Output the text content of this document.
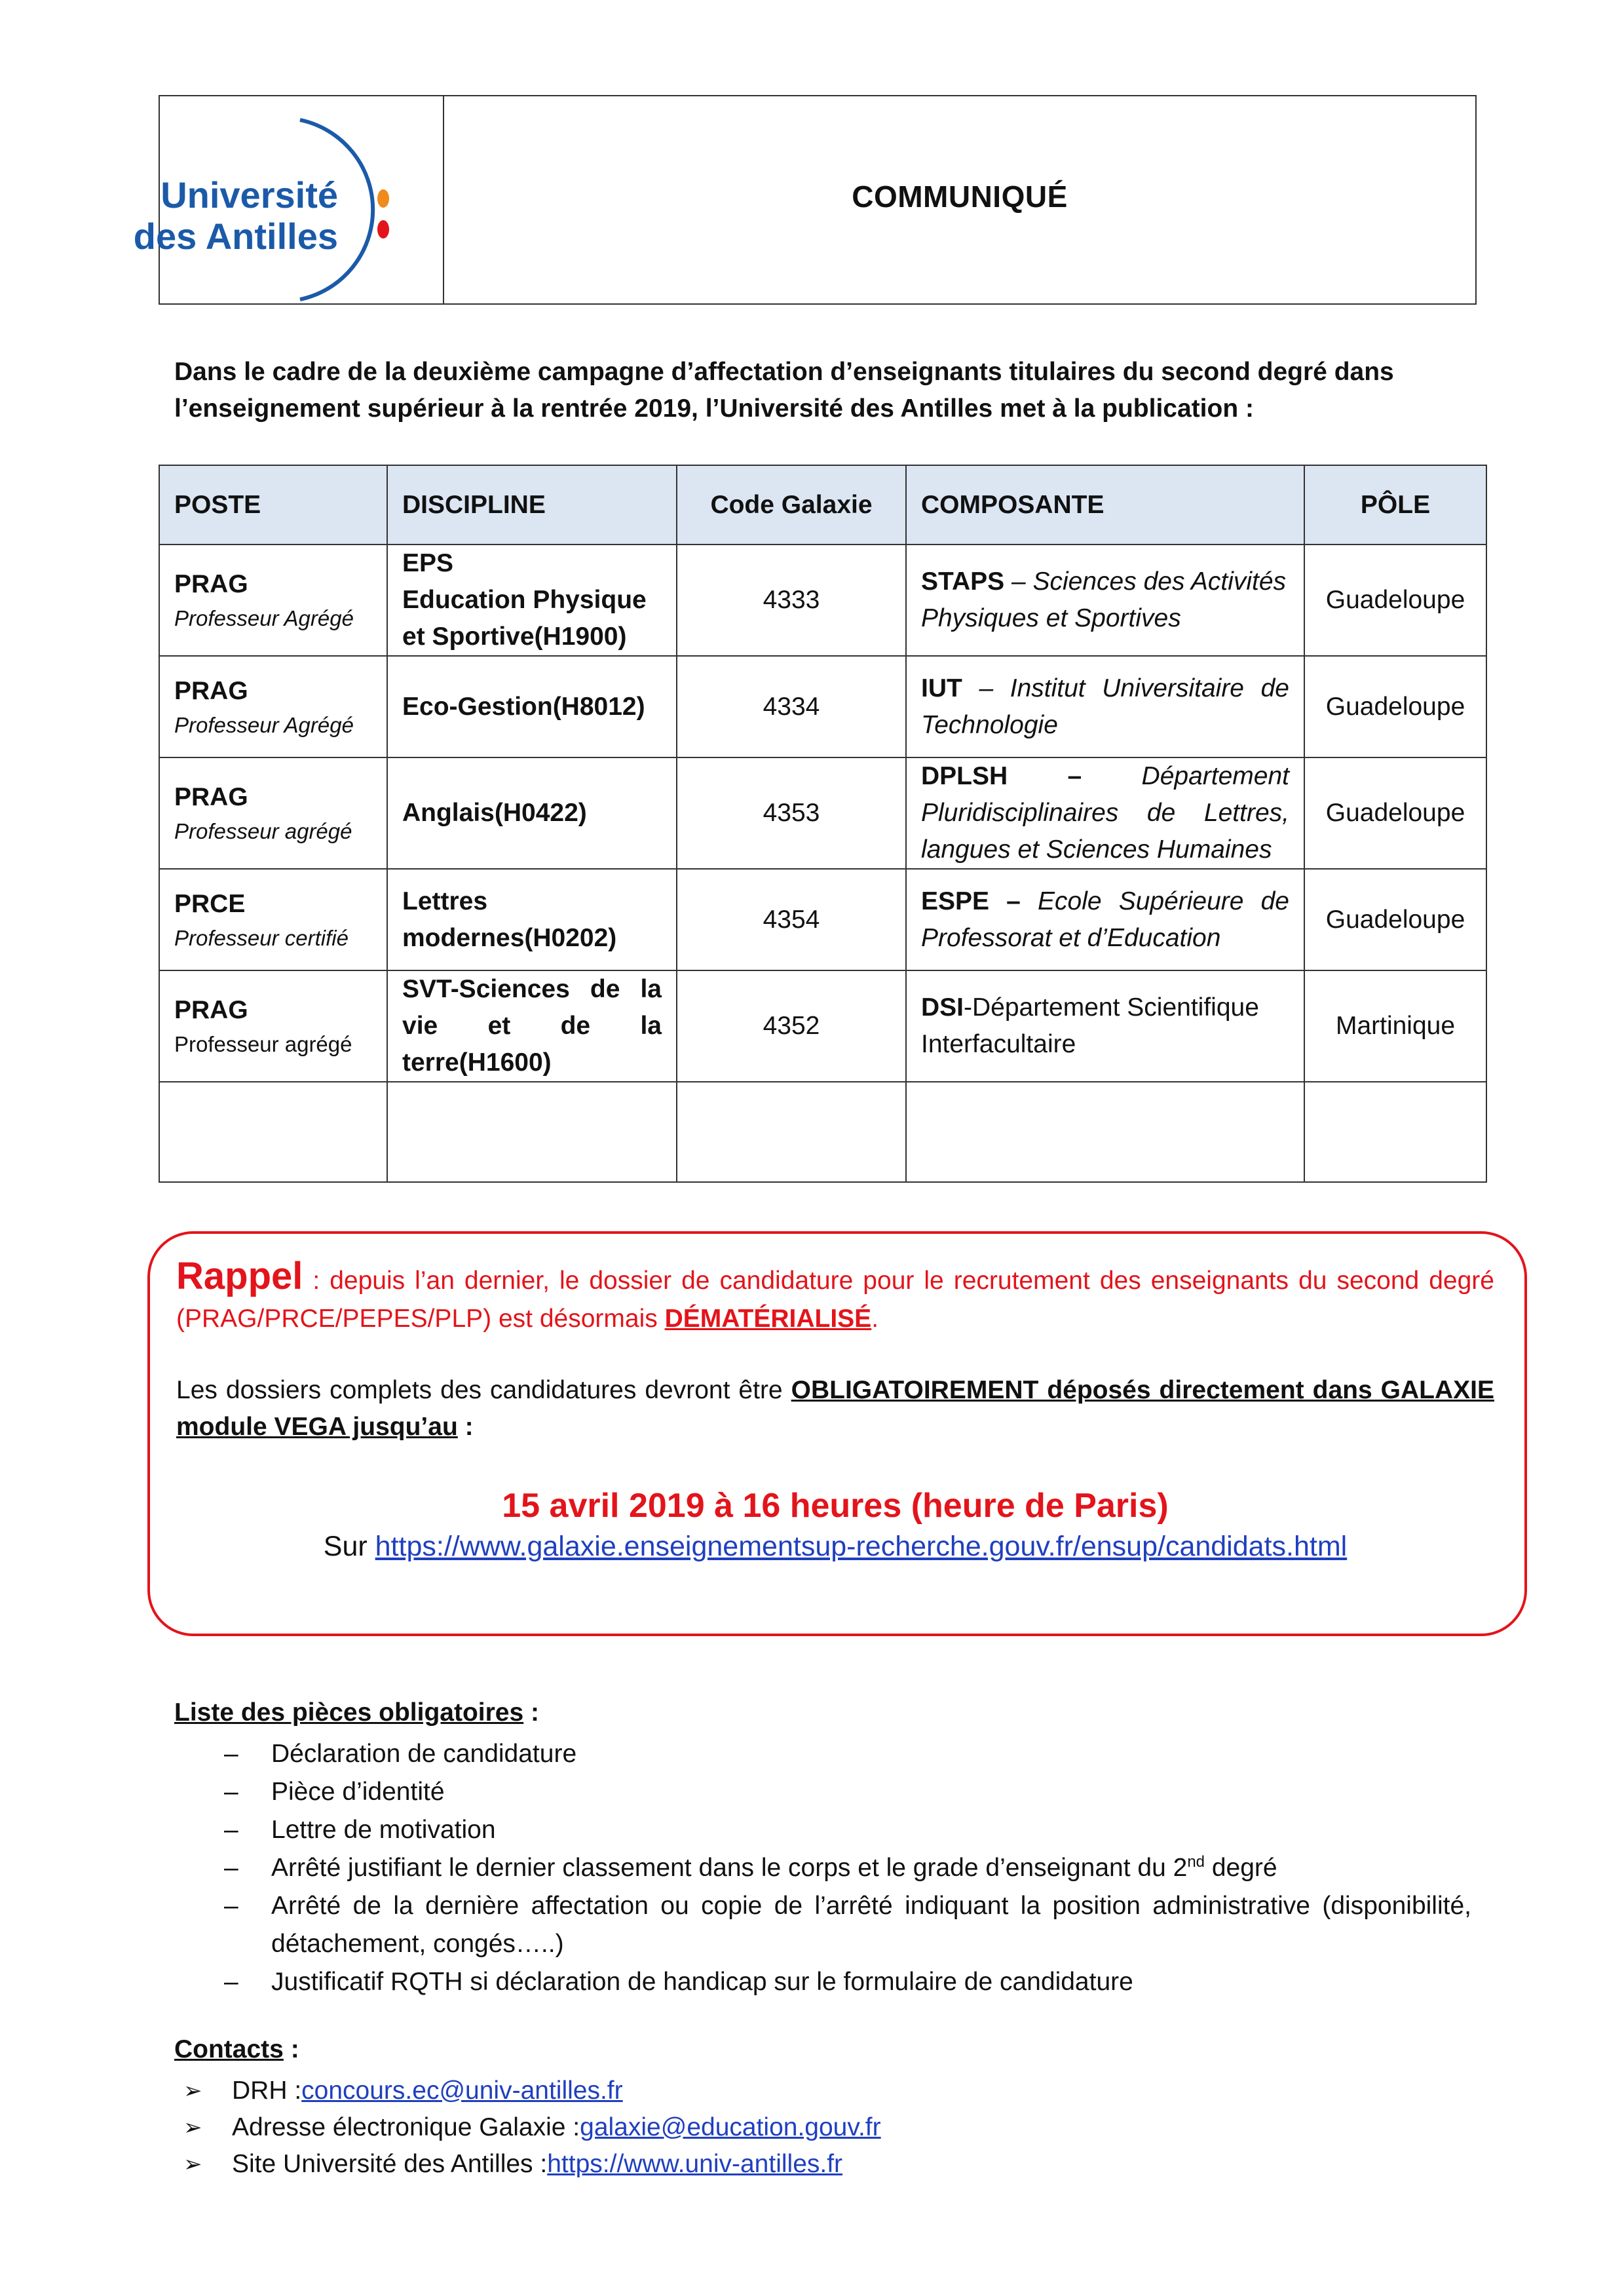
Université
des Antilles
COMMUNIQUÉ
Dans le cadre de la deuxième campagne d’affectation d’enseignants titulaires du second degré dans l’enseignement supérieur à la rentrée 2019, l’Université des Antilles met à la publication :
POSTE	DISCIPLINE	Code Galaxie	COMPOSANTE	PÔLE

PRAG
Professeur Agrégé	EPS
Education Physique
et Sportive(H1900)	4333	STAPS – Sciences des Activités Physiques et Sportives	Guadeloupe

PRAG
Professeur Agrégé	Eco-Gestion(H8012)	4334	IUT – Institut Universitaire de Technologie	Guadeloupe

PRAG
Professeur agrégé	Anglais(H0422)	4353	DPLSH – Département Pluridisciplinaires de Lettres, langues et Sciences Humaines	Guadeloupe

PRCE
Professeur certifié	Lettres modernes(H0202)	4354	ESPE – Ecole Supérieure de Professorat et d’Education	Guadeloupe

PRAG
Professeur agrégé	SVT-Sciences de la vie et de la terre(H1600)	4352	DSI-Département Scientifique Interfacultaire	Martinique

Rappel : depuis l’an dernier, le dossier de candidature pour le recrutement des enseignants du second degré (PRAG/PRCE/PEPES/PLP) est désormais DÉMATÉRIALISÉ.
Les dossiers complets des candidatures devront être OBLIGATOIREMENT déposés directement dans GALAXIE module VEGA jusqu’au :
15 avril 2019 à 16 heures (heure de Paris)
Sur https://www.galaxie.enseignementsup-recherche.gouv.fr/ensup/candidats.html
Liste des pièces obligatoires :
–	Déclaration de candidature
–	Pièce d’identité
–	Lettre de motivation
–	Arrêté justifiant le dernier classement dans le corps et le grade d’enseignant du 2nd degré
–	Arrêté de la dernière affectation ou copie de l’arrêté indiquant la position administrative (disponibilité, détachement, congés…..)
–	Justificatif RQTH si déclaration de handicap sur le formulaire de candidature
Contacts :
➢	DRH : concours.ec@univ-antilles.fr
➢	Adresse électronique Galaxie : galaxie@education.gouv.fr
➢	Site Université des Antilles : https://www.univ-antilles.fr
